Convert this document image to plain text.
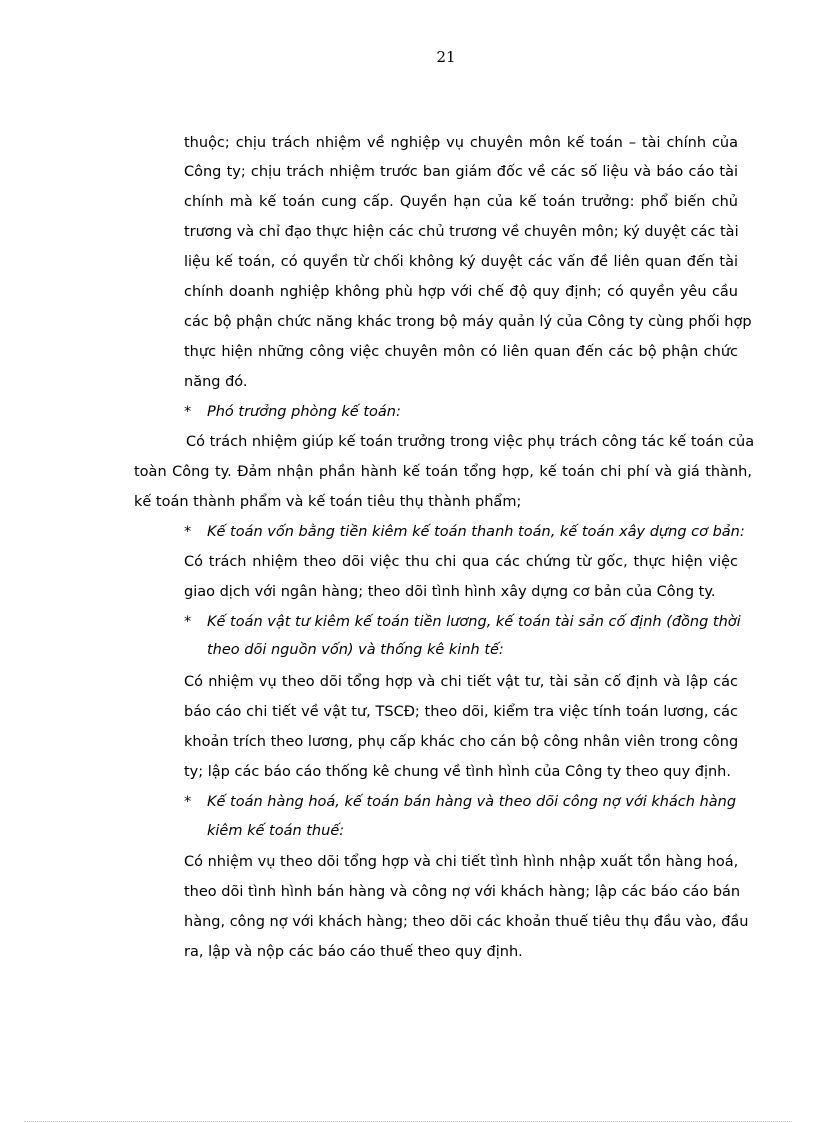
21
thuộc; chịu trách nhiệm về nghiệp vụ chuyên môn kế toán – tài chính của
Công ty; chịu trách nhiệm trước ban giám đốc về các số liệu và báo cáo tài
chính mà kế toán cung cấp. Quyền hạn của kế toán trưởng: phổ biến chủ
trương và chỉ đạo thực hiện các chủ trương về chuyên môn; ký duyệt các tài
liệu kế toán, có quyền từ chối không ký duyệt các vấn đề liên quan đến tài
chính doanh nghiệp không phù hợp với chế độ quy định; có quyền yêu cầu
các bộ phận chức năng khác trong bộ máy quản lý của Công ty cùng phối hợp
thực hiện những công việc chuyên môn có liên quan đến các bộ phận chức
năng đó.
* Phó trưởng phòng kế toán:
Có trách nhiệm giúp kế toán trưởng trong việc phụ trách công tác kế toán của
toàn Công ty. Đảm nhận phần hành kế toán tổng hợp, kế toán chi phí và giá thành,
kế toán thành phẩm và kế toán tiêu thụ thành phẩm;
* Kế toán vốn bằng tiền kiêm kế toán thanh toán, kế toán xây dựng cơ bản:
Có trách nhiệm theo dõi việc thu chi qua các chứng từ gốc, thực hiện việc
giao dịch với ngân hàng; theo dõi tình hình xây dựng cơ bản của Công ty.
* Kế toán vật tư kiêm kế toán tiền lương, kế toán tài sản cố định (đồng thời
theo dõi nguồn vốn) và thống kê kinh tế:
Có nhiệm vụ theo dõi tổng hợp và chi tiết vật tư, tài sản cố định và lập các
báo cáo chi tiết về vật tư, TSCĐ; theo dõi, kiểm tra việc tính toán lương, các
khoản trích theo lương, phụ cấp khác cho cán bộ công nhân viên trong công
ty; lập các báo cáo thống kê chung về tình hình của Công ty theo quy định.
* Kế toán hàng hoá, kế toán bán hàng và theo dõi công nợ với khách hàng
kiêm kế toán thuế:
Có nhiệm vụ theo dõi tổng hợp và chi tiết tình hình nhập xuất tồn hàng hoá,
theo dõi tình hình bán hàng và công nợ với khách hàng; lập các báo cáo bán
hàng, công nợ với khách hàng; theo dõi các khoản thuế tiêu thụ đầu vào, đầu
ra, lập và nộp các báo cáo thuế theo quy định.
